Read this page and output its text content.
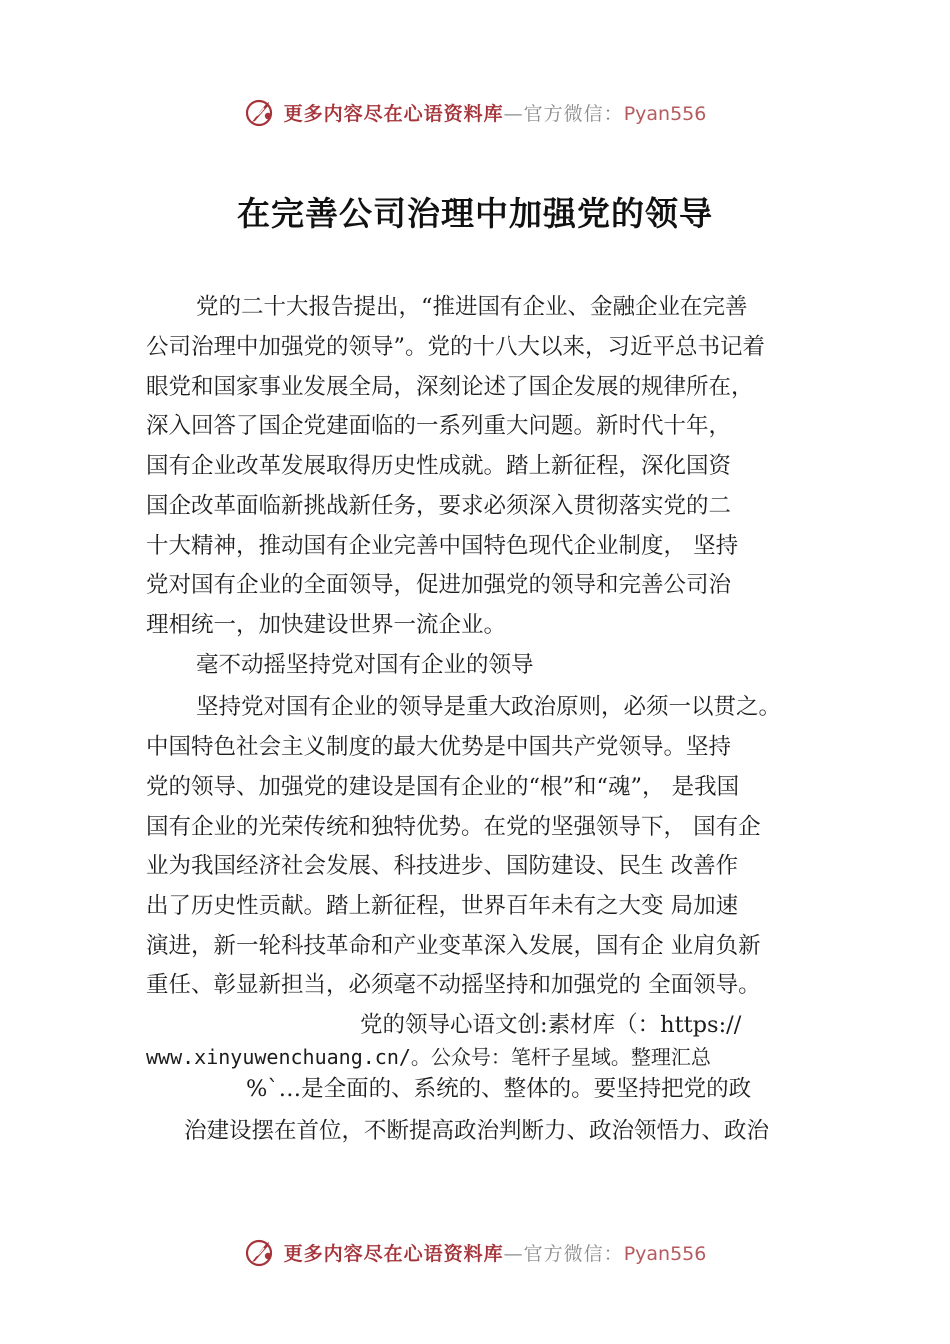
更多内容尽在心语资料库—官方微信：Pyan556
在完善公司治理中加强党的领导
党的二十大报告提出，“推进国有企业、金融企业在完善
公司治理中加强党的领导”。党的十八大以来，习近平总书记着
眼党和国家事业发展全局，深刻论述了国企发展的规律所在，
深入回答了国企党建面临的一系列重大问题。新时代十年，
国有企业改革发展取得历史性成就。踏上新征程，深化国资
国企改革面临新挑战新任务，要求必须深入贯彻落实党的二
十大精神，推动国有企业完善中国特色现代企业制度， 坚持
党对国有企业的全面领导，促进加强党的领导和完善公司治
理相统一，加快建设世界一流企业。
毫不动摇坚持党对国有企业的领导
坚持党对国有企业的领导是重大政治原则，必须一以贯之。
中国特色社会主义制度的最大优势是中国共产党领导。坚持
党的领导、加强党的建设是国有企业的“根”和“魂”， 是我国
国有企业的光荣传统和独特优势。在党的坚强领导下， 国有企
业为我国经济社会发展、科技进步、国防建设、民生 改善作
出了历史性贡献。踏上新征程，世界百年未有之大变 局加速
演进，新一轮科技革命和产业变革深入发展，国有企 业肩负新
重任、彰显新担当，必须毫不动摇坚持和加强党的 全面领导。
党的领导心语文创:素材库（：https://
www.xinyuwenchuang.cn/。公众号：笔杆子星域。整理汇总
%`…是全面的、系统的、整体的。要坚持把党的政
治建设摆在首位，不断提高政治判断力、政治领悟力、政治
更多内容尽在心语资料库—官方微信：Pyan556
